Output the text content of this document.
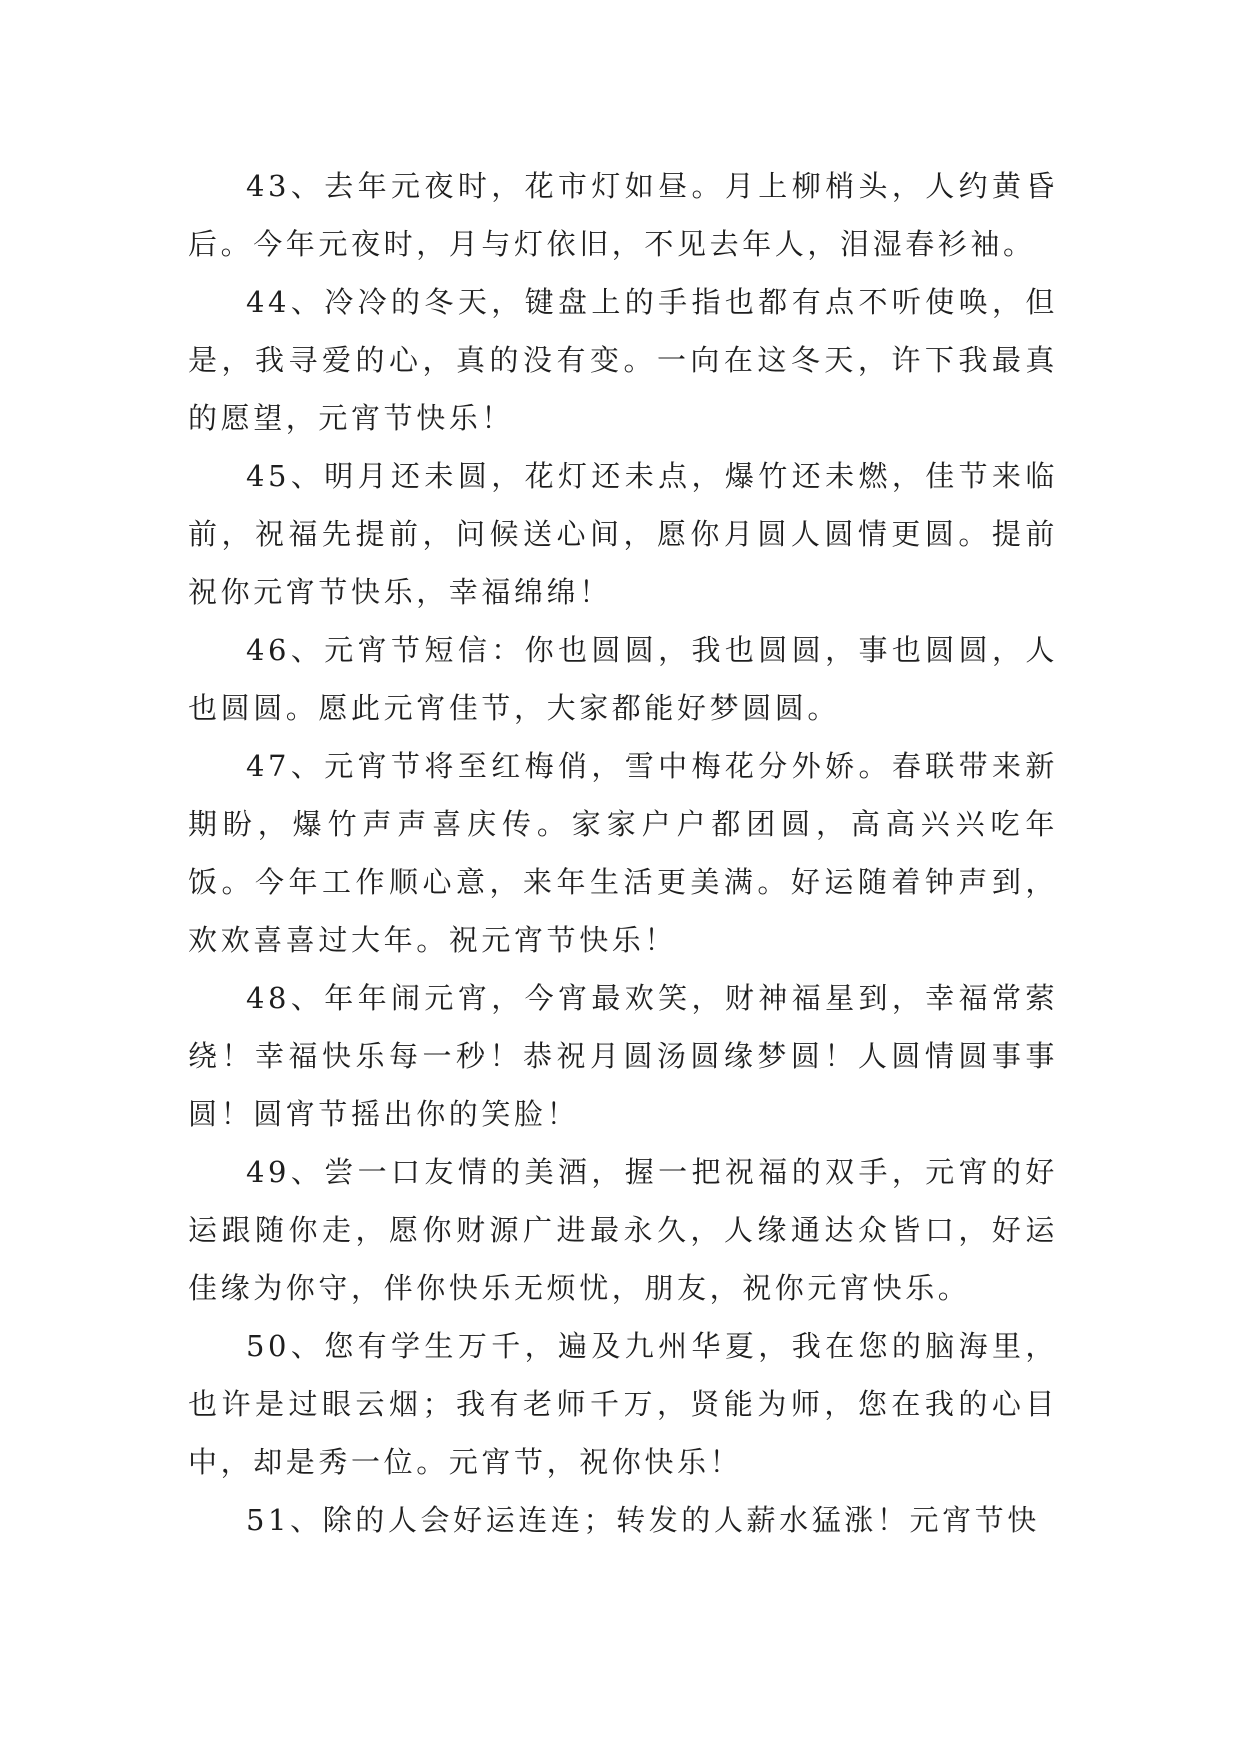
43、去年元夜时，花市灯如昼。月上柳梢头，人约黄昏后。今年元夜时，月与灯依旧，不见去年人，泪湿春衫袖。

44、冷冷的冬天，键盘上的手指也都有点不听使唤，但是，我寻爱的心，真的没有变。一向在这冬天，许下我最真的愿望，元宵节快乐！

45、明月还未圆，花灯还未点，爆竹还未燃，佳节来临前，祝福先提前，问候送心间，愿你月圆人圆情更圆。提前祝你元宵节快乐，幸福绵绵！

46、元宵节短信：你也圆圆，我也圆圆，事也圆圆，人也圆圆。愿此元宵佳节，大家都能好梦圆圆。

47、元宵节将至红梅俏，雪中梅花分外娇。春联带来新期盼，爆竹声声喜庆传。家家户户都团圆，高高兴兴吃年饭。今年工作顺心意，来年生活更美满。好运随着钟声到，欢欢喜喜过大年。祝元宵节快乐！

48、年年闹元宵，今宵最欢笑，财神福星到，幸福常萦绕！幸福快乐每一秒！恭祝月圆汤圆缘梦圆！人圆情圆事事圆！圆宵节摇出你的笑脸！

49、尝一口友情的美酒，握一把祝福的双手，元宵的好运跟随你走，愿你财源广进最永久，人缘通达众皆口，好运佳缘为你守，伴你快乐无烦忧，朋友，祝你元宵快乐。

50、您有学生万千，遍及九州华夏，我在您的脑海里，也许是过眼云烟；我有老师千万，贤能为师，您在我的心目中，却是秀一位。元宵节，祝你快乐！

51、除的人会好运连连；转发的人薪水猛涨！元宵节快
